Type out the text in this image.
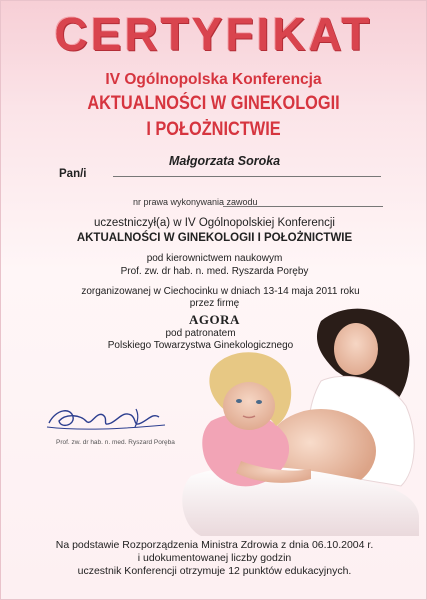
CERTYFIKAT
IV Ogólnopolska Konferencja
AKTUALNOŚCI W GINEKOLOGII
I POŁOŻNICTWIE
Pan/i
Małgorzata Soroka
nr prawa wykonywania zawodu
uczestniczył(a) w IV Ogólnopolskiej Konferencji
AKTUALNOŚCI W GINEKOLOGII I POŁOŻNICTWIE
pod kierownictwem naukowym
Prof. zw. dr hab. n. med. Ryszarda Poręby
zorganizowanej w Ciechocinku w dniach 13-14 maja 2011 roku
przez firmę
AGORA
pod patronatem
Polskiego Towarzystwa Ginekologicznego
Prof. zw. dr hab. n. med. Ryszard Poręba
Na podstawie Rozporządzenia Ministra Zdrowia z dnia 06.10.2004 r.
i udokumentowanej liczby godzin
uczestnik Konferencji otrzymuje 12 punktów edukacyjnych.
